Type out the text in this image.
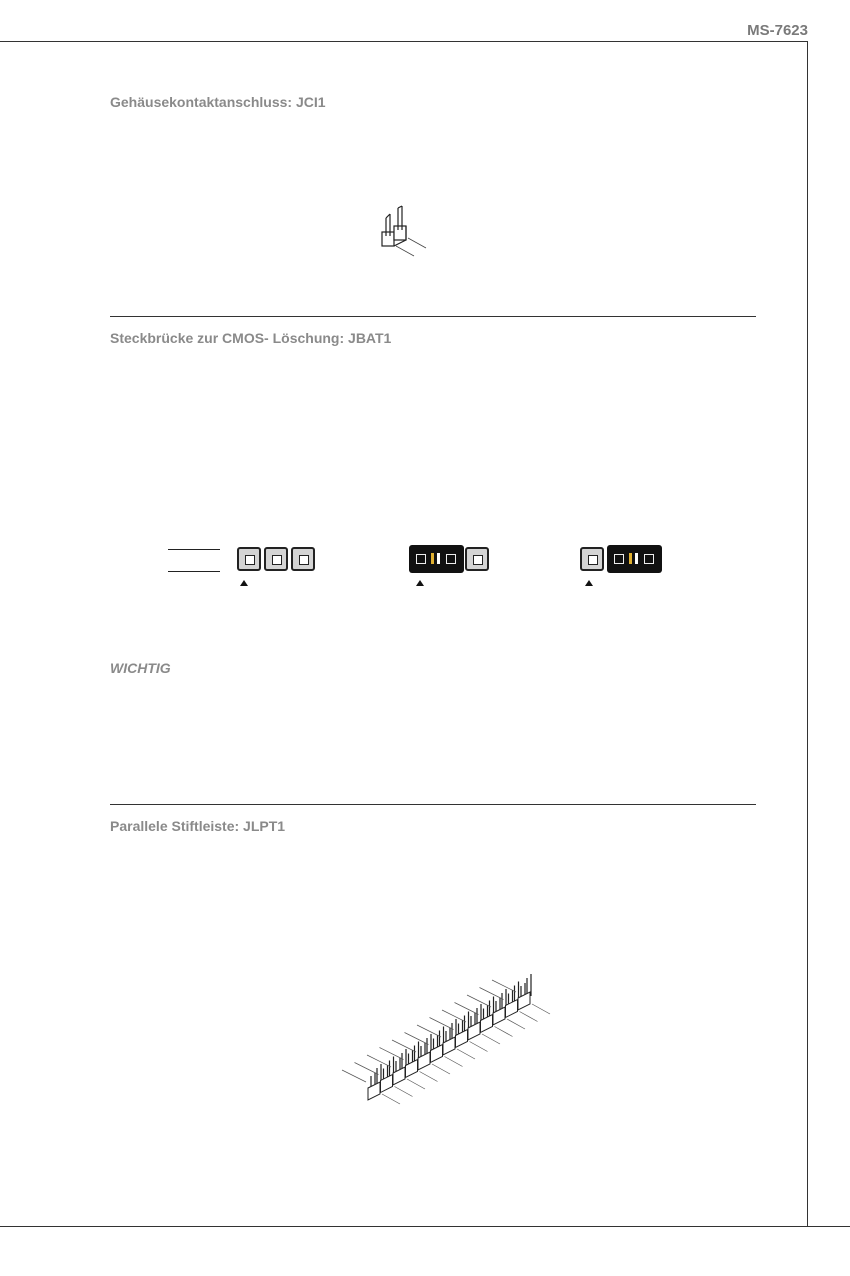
MS-7623
Gehäusekontaktanschluss: JCI1
Steckbrücke zur CMOS- Löschung: JBAT1
WICHTIG
Parallele Stiftleiste: JLPT1
